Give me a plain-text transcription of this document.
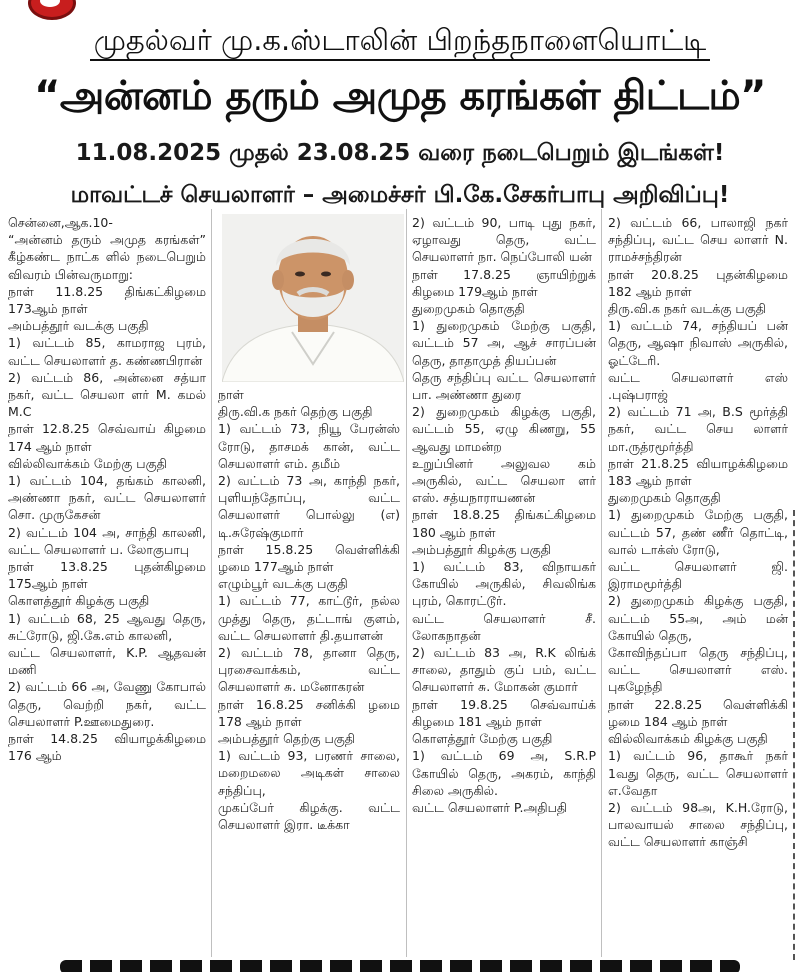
முதல்வர் மு.க.ஸ்டாலின் பிறந்தநாளையொட்டி
“அன்னம் தரும் அமுத கரங்கள் திட்டம்”
11.08.2025 முதல் 23.08.25 வரை நடைபெறும் இடங்கள்!
மாவட்டச் செயலாளர் – அமைச்சர் பி.கே.சேகர்பாபு அறிவிப்பு!

சென்னை,ஆக.10-

“அன்னம் தரும் அமுத கரங்கள்” கீழ்கண்ட நாட்க ளில் நடைபெறும் விவரம் பின்வருமாறு:

நாள் 11.8.25 திங்கட்கிழமை 173ஆம் நாள்

அம்பத்தூர் வடக்கு பகுதி

1) வட்டம் 85, காமராஜ புரம், வட்ட செயலாளர் த. கண்ணபிரான்

2) வட்டம் 86, அன்னை சத்யா நகர், வட்ட செயலா ளர் M. கமல் M.C

நாள் 12.8.25 செவ்வாய் கிழமை 174 ஆம் நாள்

வில்லிவாக்கம் மேற்கு பகுதி

1) வட்டம் 104, தங்கம் காலனி, அண்ணா நகர், வட்ட செயலாளர் சொ. முருகேசன்

2) வட்டம் 104 அ, சாந்தி காலனி, வட்ட செயலாளர் ப. லோகுபாபு

நாள் 13.8.25 புதன்கிழமை 175ஆம் நாள்

கொளத்தூர் கிழக்கு பகுதி

1) வட்டம் 68, 25 ஆவது தெரு, சுட்ரோடு, ஜி.கே.எம் காலனி,

வட்ட செயலாளர், K.P. ஆதவன் மணி

2) வட்டம் 66 அ, வேணு கோபால் தெரு, வெற்றி நகர், வட்ட செயலாளர் P.ஊமைதுரை.

நாள் 14.8.25 வியாழக்கிழமை 176 ஆம்

நாள்

திரு.வி.க நகர் தெற்கு பகுதி

1) வட்டம் 73, நியூ பேரன்ஸ் ரோடு, தாசமக் கான், வட்ட செயலாளர் எம். தமீம்

2) வட்டம் 73 அ, காந்தி நகர், புளியந்தோப்பு, வட்ட செயலாளர் பொல்லு (எ) டி.சுரேஷ்குமார்

நாள் 15.8.25 வெள்ளிக்கி ழமை 177ஆம் நாள்

எழும்பூர் வடக்கு பகுதி

1) வட்டம் 77, காட்டூர், நல்ல முத்து தெரு, தட்டாங் குளம், வட்ட செயலாளர் தி.தயாளன்

2) வட்டம் 78, தானா தெரு, புரசைவாக்கம், வட்ட செயலாளர் சு. மனோகரன்

நாள் 16.8.25 சனிக்கி ழமை 178 ஆம் நாள்

அம்பத்தூர் தெற்கு பகுதி

1) வட்டம் 93, பரணர் சாலை, மறைமலை அடிகள் சாலை சந்திப்பு,

முகப்பேர் கிழக்கு. வட்ட செயலாளர் இரா. டீக்கா

2) வட்டம் 90, பாடி புது நகர், ஏழாவது தெரு, வட்ட செயலாளர் நா. நெப்போலி யன்

நாள் 17.8.25 ஞாயிற்றுக் கிழமை 179ஆம் நாள்

துறைமுகம் தொகுதி

1) துறைமுகம் மேற்கு பகுதி, வட்டம் 57 அ, ஆச் சாரப்பன் தெரு, தாதாமுத் தியப்பன்

தெரு சந்திப்பு வட்ட செயலாளர் பா. அண்ணா துரை

2) துறைமுகம் கிழக்கு பகுதி, வட்டம் 55, ஏழு கிணறு, 55 ஆவது மாமன்ற

உறுப்பினர் அலுவல கம் அருகில், வட்ட செயலா ளர் எஸ். சத்யநாராயணன்

நாள் 18.8.25 திங்கட்கிழமை 180 ஆம் நாள்

அம்பத்தூர் கிழக்கு பகுதி

1) வட்டம் 83, விநாயகர் கோயில் அருகில், சிவலிங்க புரம், கொரட்டூர்.

வட்ட செயலாளர் சீ. லோகநாதன்

2) வட்டம் 83 அ, R.K லிங்க் சாலை, தாதும் குப் பம், வட்ட செயலாளர் சு. மோகன் குமார்

நாள் 19.8.25 செவ்வாய்க் கிழமை 181 ஆம் நாள்

கொளத்தூர் மேற்கு பகுதி

1) வட்டம் 69 அ, S.R.P கோயில் தெரு, அகரம், காந்தி சிலை அருகில்.

வட்ட செயலாளர் P.அதிபதி

2) வட்டம் 66, பாலாஜி நகர் சந்திப்பு, வட்ட செய லாளர் N. ராமச்சந்திரன்

நாள் 20.8.25 புதன்கிழமை 182 ஆம் நாள்

திரு.வி.க நகர் வடக்கு பகுதி

1) வட்டம் 74, சந்தியப் பன் தெரு, ஆஷா நிவாஸ் அருகில், ஓட்டேரி.

வட்ட செயலாளர் எஸ் .புஷ்பராஜ்

2) வட்டம் 71 அ, B.S மூர்த்தி நகர், வட்ட செய லாளர் மா.ருத்ரமூர்த்தி

நாள் 21.8.25 வியாழக்கிழமை 183 ஆம் நாள்

துறைமுகம் தொகுதி

1) துறைமுகம் மேற்கு பகுதி, வட்டம் 57, தண் ணீர் தொட்டி, வால் டாக்ஸ் ரோடு,

வட்ட செயலாளர் ஜி. இராமமூர்த்தி

2) துறைமுகம் கிழக்கு பகுதி, வட்டம் 55அ, அம் மன் கோயில் தெரு,

கோவிந்தப்பா தெரு சந்திப்பு, வட்ட செயலாளர் எஸ். புகழேந்தி

நாள் 22.8.25 வெள்ளிக்கி ழமை 184 ஆம் நாள்

வில்லிவாக்கம் கிழக்கு பகுதி

1) வட்டம் 96, தாகூர் நகர் 1வது தெரு, வட்ட செயலாளர் எ.வேதா

2) வட்டம் 98அ, K.H.ரோடு, பாலவாயல் சாலை சந்திப்பு, வட்ட செயலாளர் காஞ்சி
